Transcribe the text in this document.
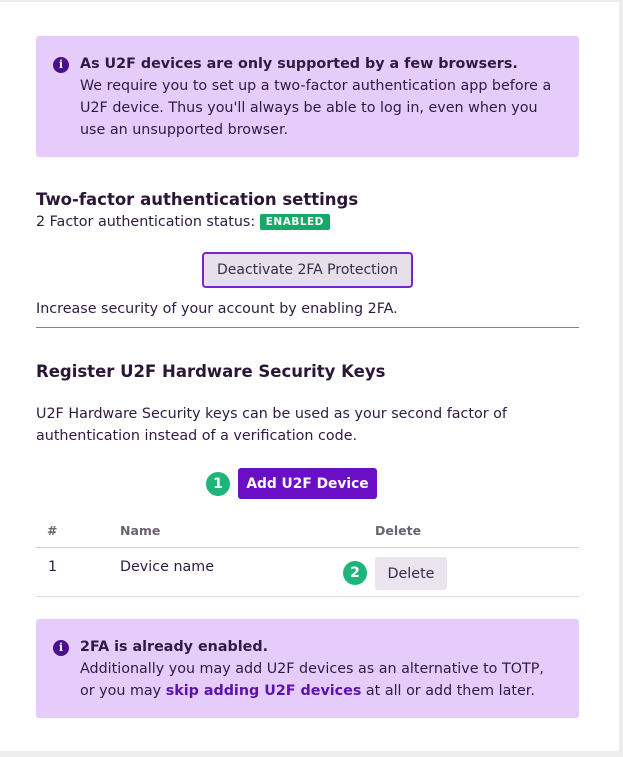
i	As U2F devices are only supported by a few browsers.
We require you to set up a two-factor authentication app before a U2F device. Thus you'll always be able to log in, even when you use an unsupported browser.
Two-factor authentication settings
2 Factor authentication status: ENABLED
Deactivate 2FA Protection
Increase security of your account by enabling 2FA.
Register U2F Hardware Security Keys
U2F Hardware Security keys can be used as your second factor of authentication instead of a verification code.
1	Add U2F Device
#	Name	Delete
1	Device name	2	Delete
i	2FA is already enabled.
Additionally you may add U2F devices as an alternative to TOTP, or you may skip adding U2F devices at all or add them later.
